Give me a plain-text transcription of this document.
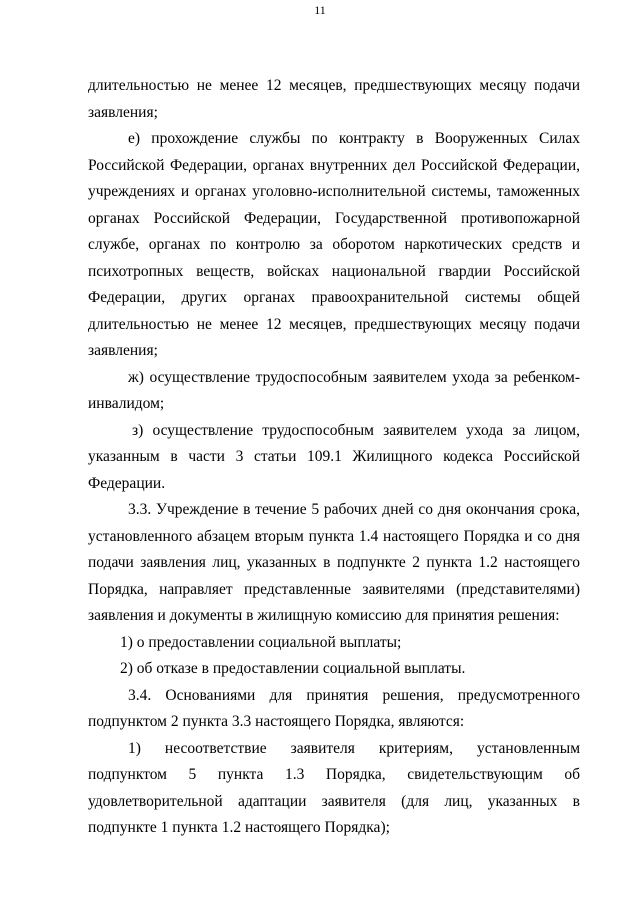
11

длительностью не менее 12 месяцев, предшествующих месяцу подачи заявления;

е) прохождение службы по контракту в Вооруженных Силах Российской Федерации, органах внутренних дел Российской Федерации, учреждениях и органах уголовно-исполнительной системы, таможенных органах Российской Федерации, Государственной противопожарной службе, органах по контролю за оборотом наркотических средств и психотропных веществ, войсках национальной гвардии Российской Федерации, других органах правоохранительной системы общей длительностью не менее 12 месяцев, предшествующих месяцу подачи заявления;

ж) осуществление трудоспособным заявителем ухода за ребенком-инвалидом;

з) осуществление трудоспособным заявителем ухода за лицом, указанным в части 3 статьи 109.1 Жилищного кодекса Российской Федерации.

3.3. Учреждение в течение 5 рабочих дней со дня окончания срока, установленного абзацем вторым пункта 1.4 настоящего Порядка и со дня подачи заявления лиц, указанных в подпункте 2 пункта 1.2 настоящего Порядка, направляет представленные заявителями (представителями) заявления и документы в жилищную комиссию для принятия решения:

1) о предоставлении социальной выплаты;

2) об отказе в предоставлении социальной выплаты.

3.4. Основаниями для принятия решения, предусмотренного подпунктом 2 пункта 3.3 настоящего Порядка, являются:

1) несоответствие заявителя критериям, установленным подпунктом 5 пункта 1.3 Порядка, свидетельствующим об удовлетворительной адаптации заявителя (для лиц, указанных в подпункте 1 пункта 1.2 настоящего Порядка);
